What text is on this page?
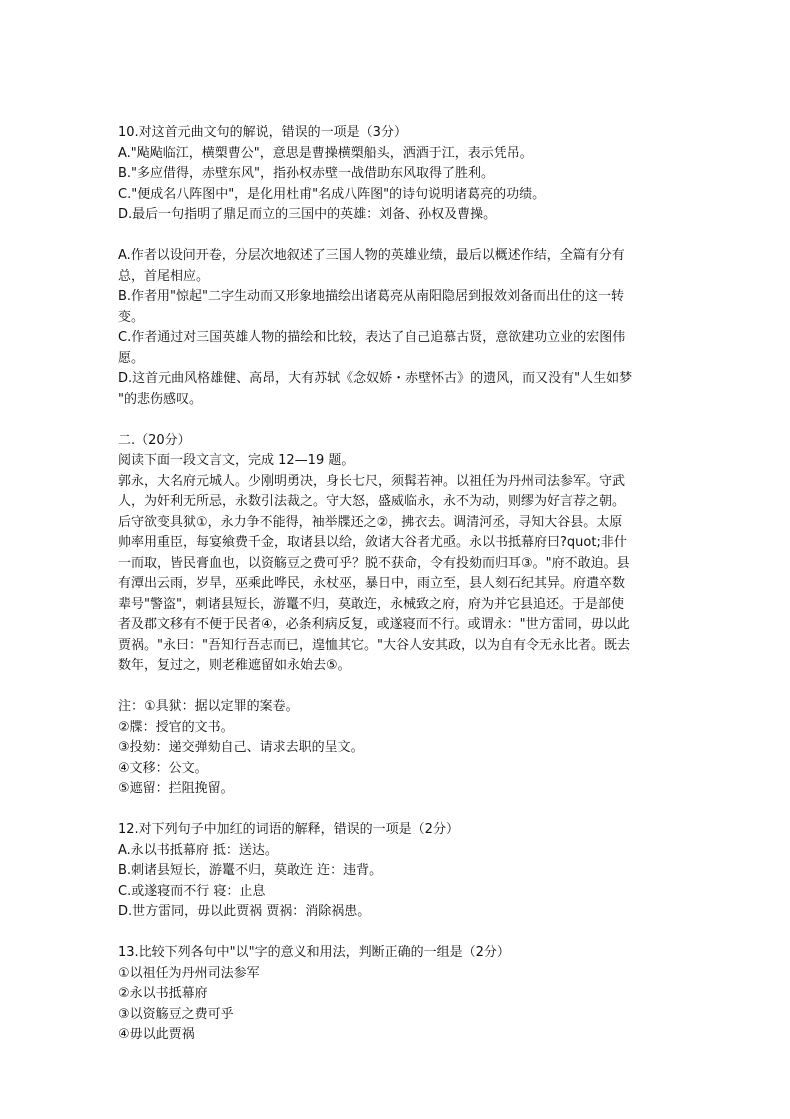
10.对这首元曲文句的解说，错误的一项是（3分）
A."飐飐临江，横槊曹公"，意思是曹操横槊船头，洒酒于江，表示凭吊。
B."多应借得，赤壁东风"，指孙权赤壁一战借助东风取得了胜利。
C."便成名八阵图中"，是化用杜甫"名成八阵图"的诗句说明诸葛亮的功绩。
D.最后一句指明了鼎足而立的三国中的英雄：刘备、孙权及曹操。
A.作者以设问开卷，分层次地叙述了三国人物的英雄业绩，最后以概述作结，全篇有分有
总，首尾相应。
B.作者用"惊起"二字生动而又形象地描绘出诸葛亮从南阳隐居到报效刘备而出仕的这一转
变。
C.作者通过对三国英雄人物的描绘和比较，表达了自己追慕古贤，意欲建功立业的宏图伟
愿。
D.这首元曲风格雄健、高昂，大有苏轼《念奴娇・赤壁怀古》的遗风，而又没有"人生如梦
"的悲伤感叹。
二.（20分）
阅读下面一段文言文，完成 12—19 题。
郭永，大名府元城人。少刚明勇决，身长七尺，须髯若神。以祖任为丹州司法参军。守武
人，为奸利无所忌，永数引法裁之。守大怒，盛威临永，永不为动，则缪为好言荐之朝。
后守欲变具狱①，永力争不能得，袖举牒还之②，拂衣去。调清河丞，寻知大谷县。太原
帅率用重臣，每宴飨费千金，取诸县以给，敛诸大谷者尤亟。永以书抵幕府曰?quot;非什
一而取，皆民膏血也，以资觞豆之费可乎？脱不获命，令有投劾而归耳③。"府不敢迫。县
有潭出云雨，岁旱，巫乘此哗民，永杖巫，暴日中，雨立至，县人刻石纪其异。府遣卒数
辈号"警盗"，刺诸县短长，游鼍不归，莫敢迕，永械致之府，府为并它县追还。于是部使
者及郡文移有不便于民者④，必条利病反复，或遂寝而不行。或谓永："世方雷同，毋以此
贾祸。"永曰："吾知行吾志而已，遑恤其它。"大谷人安其政，以为自有令无永比者。既去
数年，复过之，则老稚遮留如永始去⑤。
注：①具狱：据以定罪的案卷。
②牒：授官的文书。
③投劾：递交弹劾自己、请求去职的呈文。
④文移：公文。
⑤遮留：拦阻挽留。
12.对下列句子中加红的词语的解释，错误的一项是（2分）
A.永以书抵幕府 抵：送达。
B.刺诸县短长，游鼍不归，莫敢迕 迕：违背。
C.或遂寝而不行 寝：止息
D.世方雷同，毋以此贾祸 贾祸：消除祸患。
13.比较下列各句中"以"字的意义和用法，判断正确的一组是（2分）
①以祖任为丹州司法参军
②永以书抵幕府
③以资觞豆之费可乎
④毋以此贾祸
